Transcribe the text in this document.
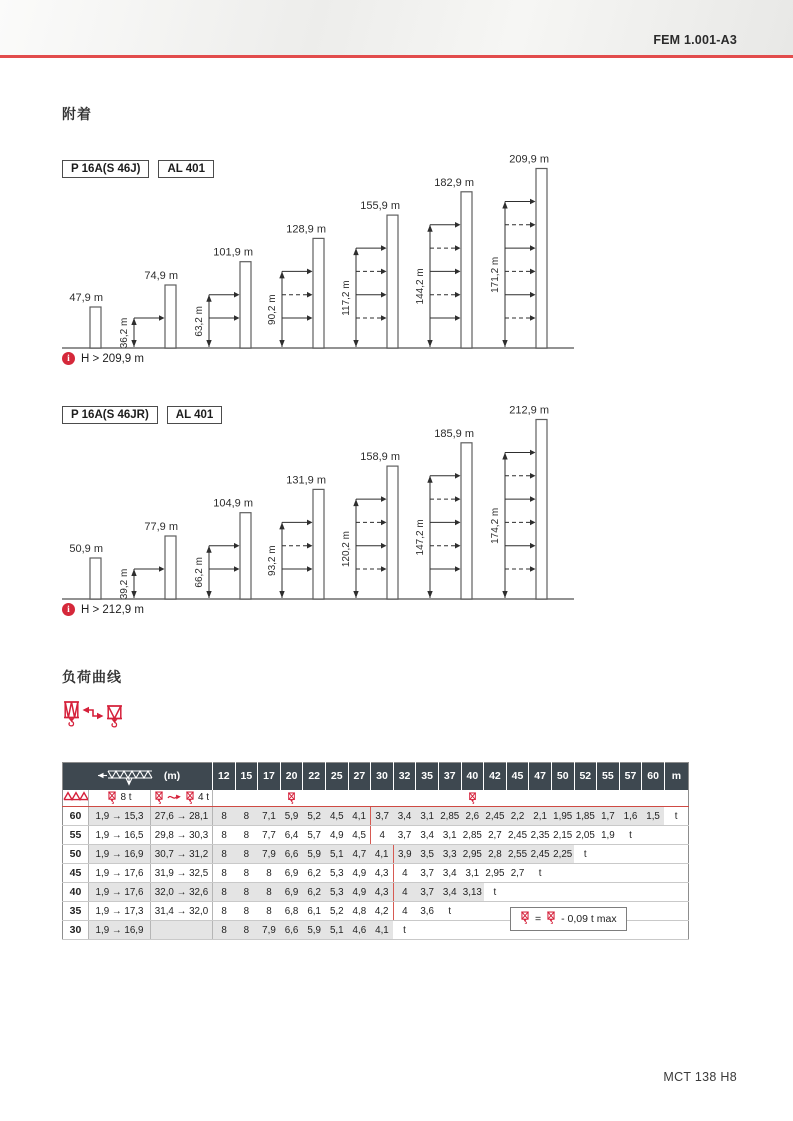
FEM 1.001-A3
附着
47,9 m
74,9 m
36,2 m
101,9 m
63,2 m
128,9 m
90,2 m
155,9 m
117,2 m
182,9 m
144,2 m
209,9 m
171,2 m
P 16A(S 46J)	AL 401
i H > 209,9 m
50,9 m
77,9 m
39,2 m
104,9 m
66,2 m
131,9 m
93,2 m
158,9 m
120,2 m
185,9 m
147,2 m
212,9 m
174,2 m
P 16A(S 46JR)	AL 401
i H > 212,9 m
负荷曲线
(m)			12	15	17	20	22	25	27	30	32	35	37	40	42	45	47	50	52	55	57	60	m

8 t	4 t

60	1,9 → 15,3	27,6 → 28,1	8	8	7,1	5,9	5,2	4,5	4,1	3,7	3,4	3,1	2,85	2,6	2,45	2,2	2,1	1,95	1,85	1,7	1,6	1,5	t
55	1,9 → 16,5	29,8 → 30,3	8	8	7,7	6,4	5,7	4,9	4,5	4	3,7	3,4	3,1	2,85	2,7	2,45	2,35	2,15	2,05	1,9	t		
50	1,9 → 16,9	30,7 → 31,2	8	8	7,9	6,6	5,9	5,1	4,7	4,1	3,9	3,5	3,3	2,95	2,8	2,55	2,45	2,25	t				
45	1,9 → 17,6	31,9 → 32,5	8	8	8	6,9	6,2	5,3	4,9	4,3	4	3,7	3,4	3,1	2,95	2,7	t						
40	1,9 → 17,6	32,0 → 32,6	8	8	8	6,9	6,2	5,3	4,9	4,3	4	3,7	3,4	3,13	t								
35	1,9 → 17,3	31,4 → 32,0	8	8	8	6,8	6,1	5,2	4,8	4,2	4	3,6	t										
30	1,9 → 16,9		8	8	7,9	6,6	5,9	5,1	4,6	4,1	t												
= - 0,09 t max
MCT 138 H8
